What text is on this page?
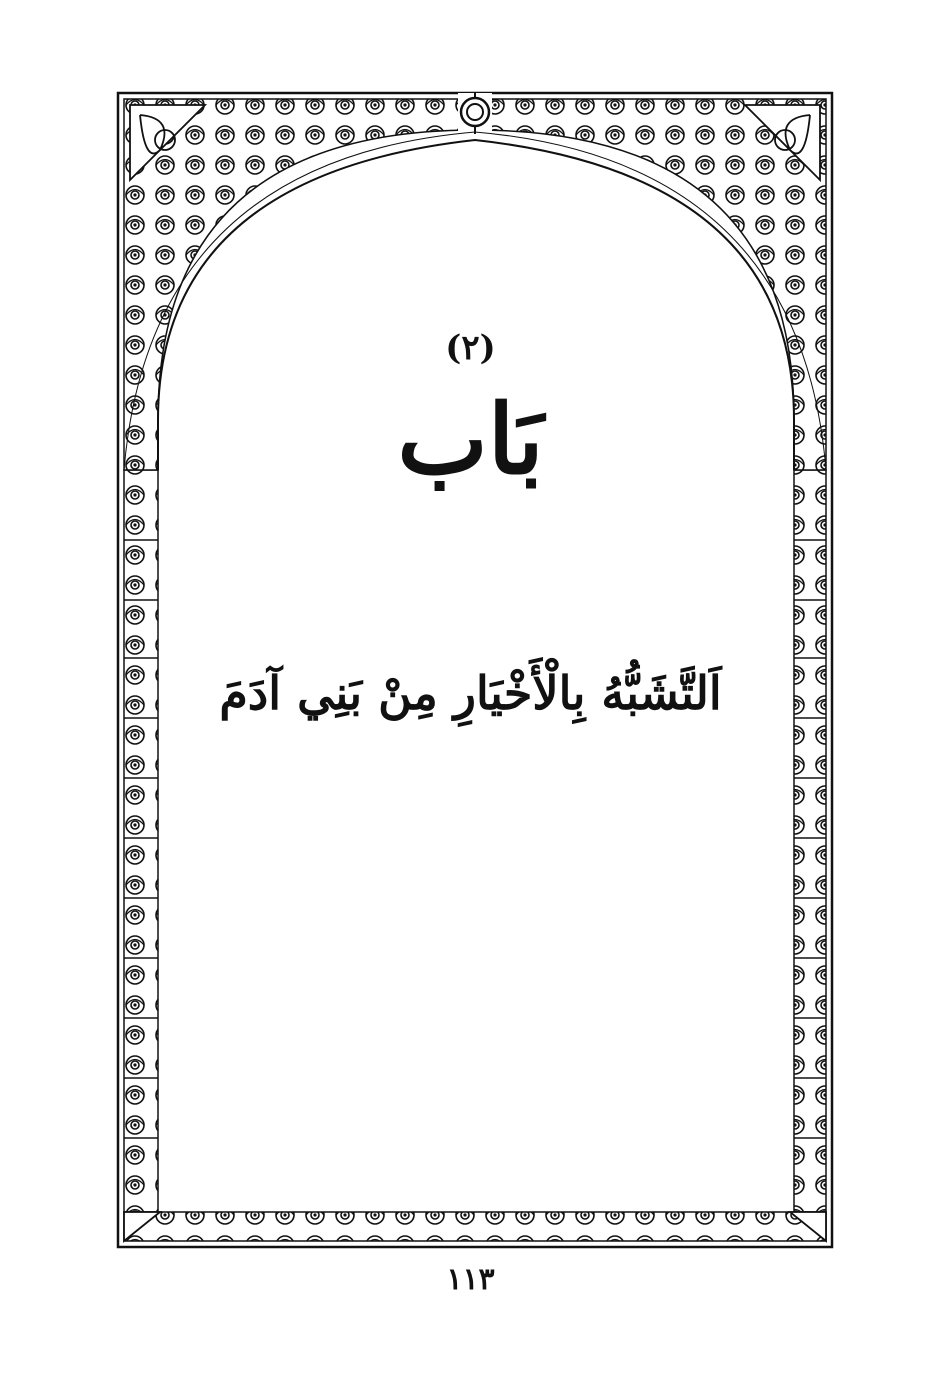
(٢)
بَاب
اَلتَّشَبُّهُ بِالْأَخْيَارِ مِنْ بَنِي آدَمَ
١١٣
